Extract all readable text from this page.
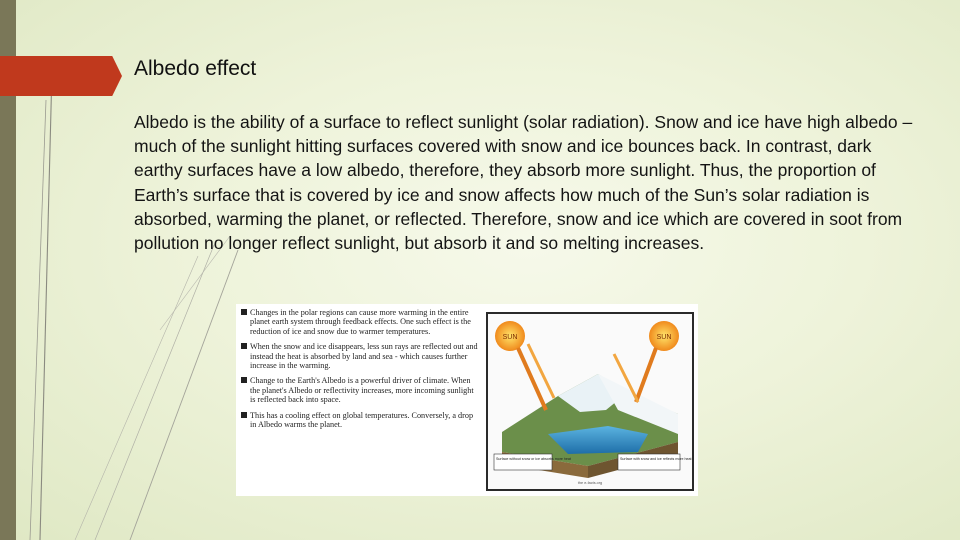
Albedo effect
Albedo is the ability of a surface to reflect sunlight (solar radiation). Snow and ice have high albedo – much of the sunlight hitting surfaces covered with snow and ice bounces back. In contrast, dark earthy surfaces have a low albedo, therefore, they absorb more sunlight. Thus, the proportion of Earth’s surface that is covered by ice and snow affects how much of the Sun’s solar radiation is absorbed, warming the planet, or reflected. Therefore, snow and ice which are covered in soot from pollution no longer reflect sunlight, but absorb it and so melting increases.
Changes in the polar regions can cause more warming in the entire planet earth system through feedback effects. One such effect is the reduction of ice and snow due to warmer temperatures.
When the snow and ice disappears, less sun rays are reflected out and instead the heat is absorbed by land and sea - which causes further increase in the warming.
Change to the Earth's Albedo is a powerful driver of climate. When the planet's Albedo or reflectivity increases, more incoming sunlight is reflected back into space.
This has a cooling effect on global temperatures. Conversely, a drop in Albedo warms the planet.
SUN	SUN
Surface without snow or ice absorbs more heat	Surface with snow and ice reflects more heat
the e-facts.org
